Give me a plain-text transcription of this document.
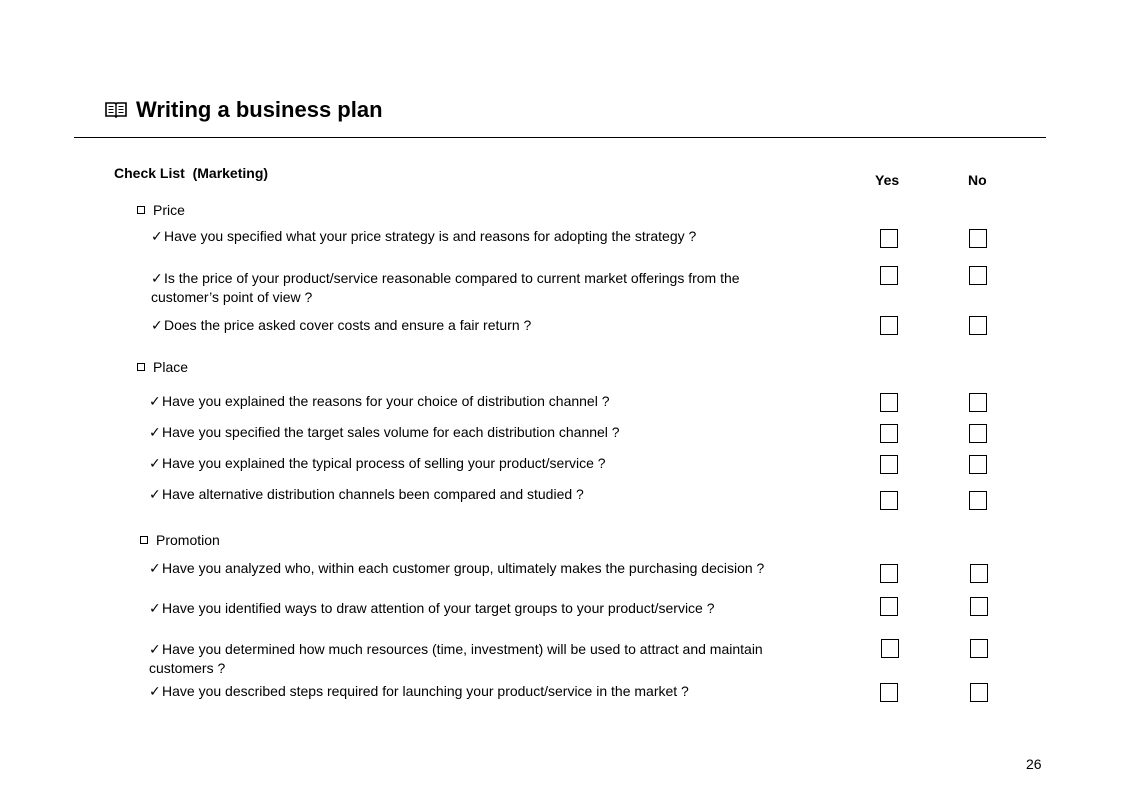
Writing a business plan
Check List  (Marketing)	Yes	No
Price
✓Have you specified what your price strategy is and reasons for adopting the strategy ?
✓Is the price of your product/service reasonable compared to current market offerings from the customer’s point of view ?
✓Does the price asked cover costs and ensure a fair return ?
Place
✓Have you explained the reasons for your choice of distribution channel ?
✓Have you specified the target sales volume for each distribution channel ?
✓Have you explained the typical process of selling your product/service ?
✓Have alternative distribution channels been compared and studied ?
Promotion
✓Have you analyzed who, within each customer group, ultimately makes the purchasing decision ?
✓Have you identified ways to draw attention of your target groups to your product/service ?
✓Have you determined how much resources (time, investment) will be used to attract and maintain customers ?
✓Have you described steps required for launching your product/service in the market ?
26
